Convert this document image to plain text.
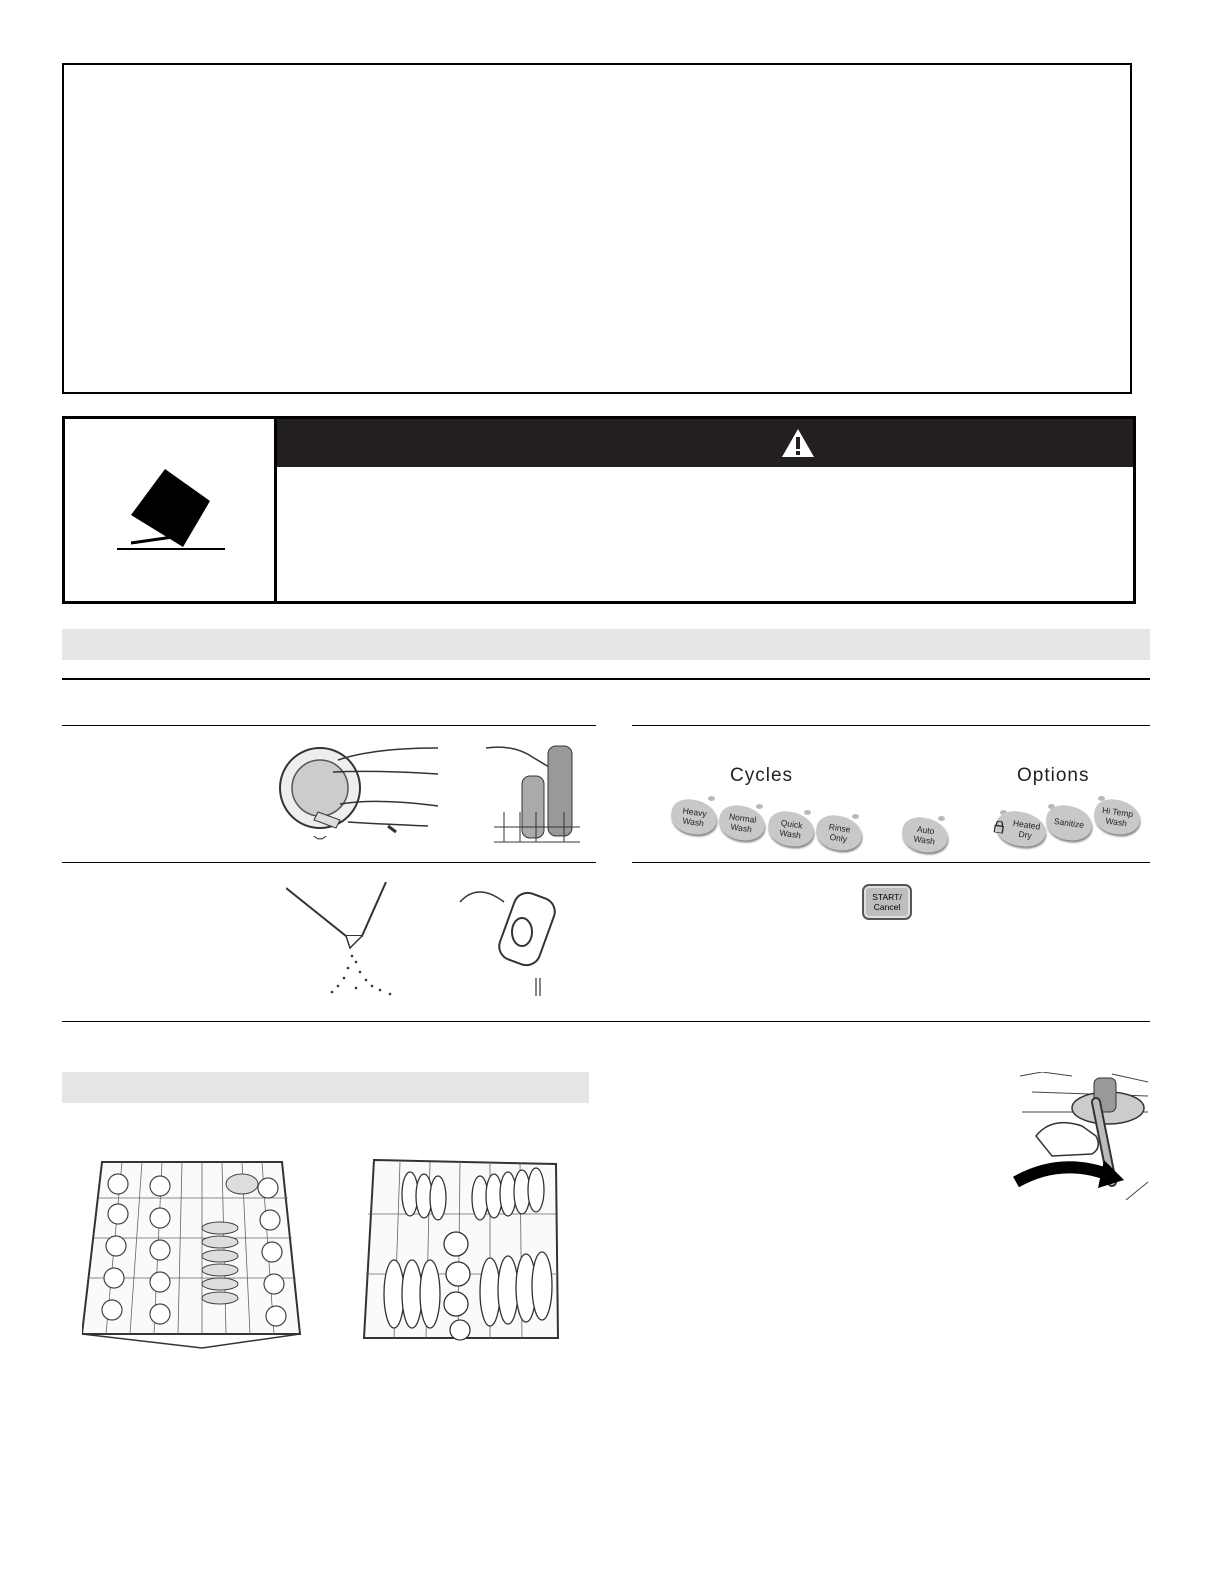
Cycles	Options
Heavy
Wash	Normal
Wash	Quick
Wash	Rinse
Only
Auto
Wash
Heated
Dry
Sanitize
Hi Temp
Wash
START/
Cancel
